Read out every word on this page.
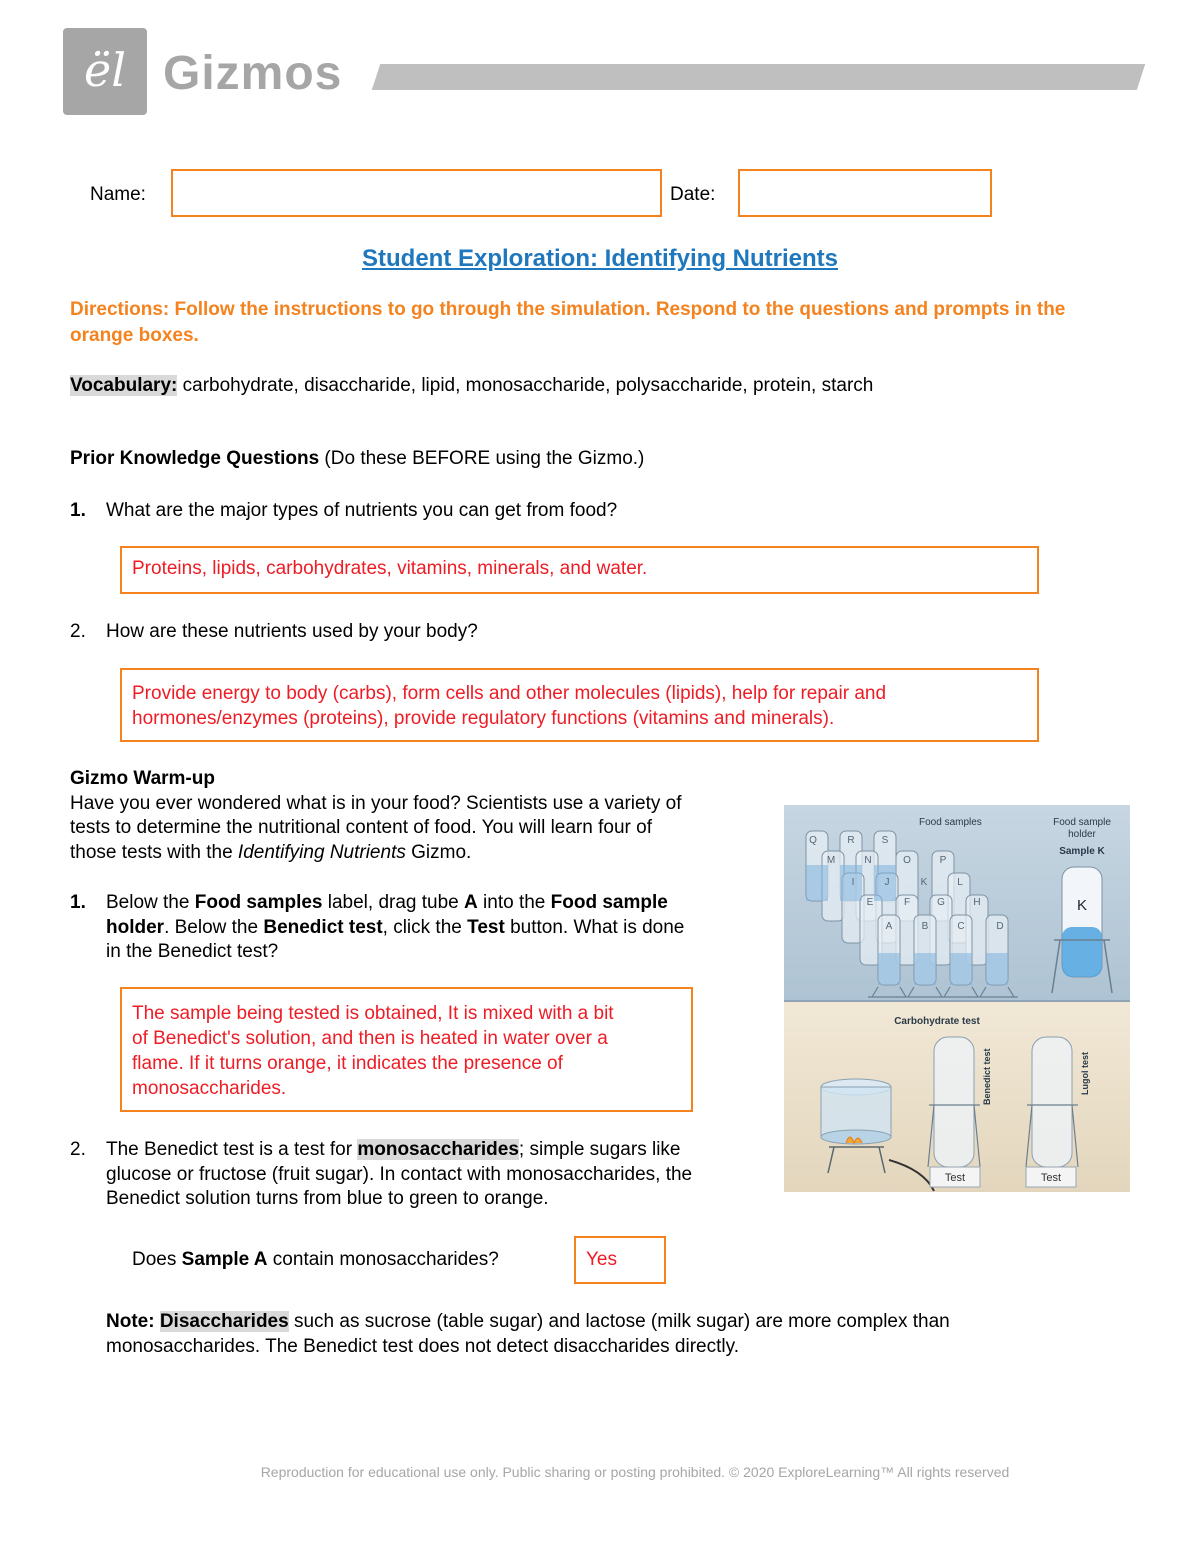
ël Gizmos
Name:	Date:
Student Exploration: Identifying Nutrients
Directions: Follow the instructions to go through the simulation. Respond to the questions and prompts in the orange boxes.
Vocabulary: carbohydrate, disaccharide, lipid, monosaccharide, polysaccharide, protein, starch
Prior Knowledge Questions (Do these BEFORE using the Gizmo.)
1. What are the major types of nutrients you can get from food?
Proteins, lipids, carbohydrates, vitamins, minerals, and water.
2. How are these nutrients used by your body?
Provide energy to body (carbs), form cells and other molecules (lipids), help for repair and
hormones/enzymes (proteins), provide regulatory functions (vitamins and minerals).
Gizmo Warm-up
Have you ever wondered what is in your food? Scientists use a variety of
tests to determine the nutritional content of food. You will learn four of
those tests with the Identifying Nutrients Gizmo.
1. Below the Food samples label, drag tube A into the Food sample
holder. Below the Benedict test, click the Test button. What is done
in the Benedict test?
The sample being tested is obtained, It is mixed with a bit
of Benedict's solution, and then is heated in water over a
flame. If it turns orange, it indicates the presence of
monosaccharides.
2. The Benedict test is a test for monosaccharides; simple sugars like
glucose or fructose (fruit sugar). In contact with monosaccharides, the
Benedict solution turns from blue to green to orange.
Does Sample A contain monosaccharides?	Yes
Note: Disaccharides such as sucrose (table sugar) and lactose (milk sugar) are more complex than
monosaccharides. The Benedict test does not detect disaccharides directly.
Q	R	S
M	N	O	P
I	J	K	L
E	F	G	H
A	B	C	D
Food samples	Food sample
holder
Sample K
K
Carbohydrate test
Benedict test	Lugol test
Test	Test
Reproduction for educational use only. Public sharing or posting prohibited. © 2020 ExploreLearning™ All rights reserved
